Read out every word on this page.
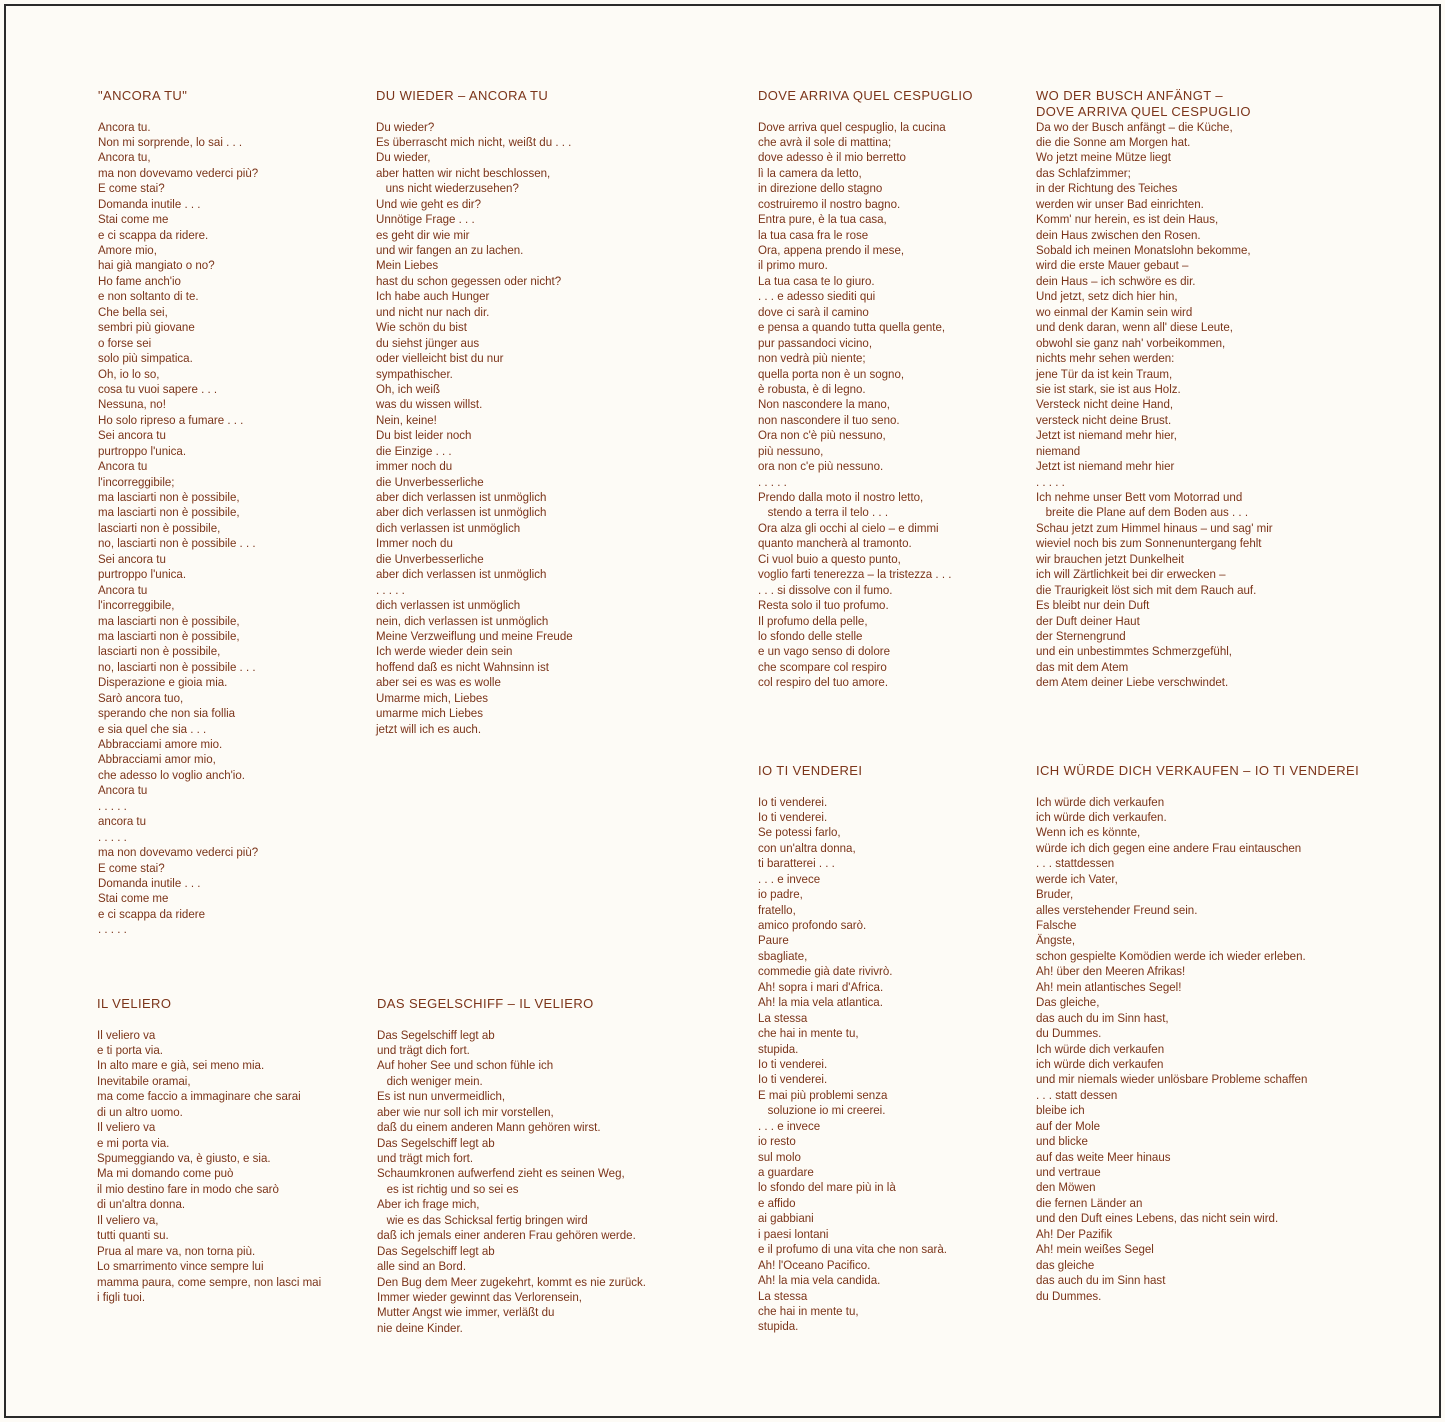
"ANCORA TU"
Ancora tu.
Non mi sorprende, lo sai . . .
Ancora tu,
ma non dovevamo vederci più?
E come stai?
Domanda inutile . . .
Stai come me
e ci scappa da ridere.
Amore mio,
hai già mangiato o no?
Ho fame anch'io
e non soltanto di te.
Che bella sei,
sembri più giovane
o forse sei
solo più simpatica.
Oh, io lo so,
cosa tu vuoi sapere . . .
Nessuna, no!
Ho solo ripreso a fumare . . .
Sei ancora tu
purtroppo l'unica.
Ancora tu
l'incorreggibile;
ma lasciarti non è possibile,
ma lasciarti non è possibile,
lasciarti non è possibile,
no, lasciarti non è possibile . . .
Sei ancora tu
purtroppo l'unica.
Ancora tu
l'incorreggibile,
ma lasciarti non è possibile,
ma lasciarti non è possibile,
lasciarti non è possibile,
no, lasciarti non è possibile . . .
Disperazione e gioia mia.
Sarò ancora tuo,
sperando che non sia follia
e sia quel che sia . . .
Abbracciami amore mio.
Abbracciami amor mio,
che adesso lo voglio anch'io.
Ancora tu
. . . . .
ancora tu
. . . . .
ma non dovevamo vederci più?
E come stai?
Domanda inutile . . .
Stai come me
e ci scappa da ridere
. . . . .
DU WIEDER – ANCORA TU
Du wieder?
Es überrascht mich nicht, weißt du . . .
Du wieder,
aber hatten wir nicht beschlossen,
uns nicht wiederzusehen?
Und wie geht es dir?
Unnötige Frage . . .
es geht dir wie mir
und wir fangen an zu lachen.
Mein Liebes
hast du schon gegessen oder nicht?
Ich habe auch Hunger
und nicht nur nach dir.
Wie schön du bist
du siehst jünger aus
oder vielleicht bist du nur
sympathischer.
Oh, ich weiß
was du wissen willst.
Nein, keine!
Du bist leider noch
die Einzige . . .
immer noch du
die Unverbesserliche
aber dich verlassen ist unmöglich
aber dich verlassen ist unmöglich
dich verlassen ist unmöglich
Immer noch du
die Unverbesserliche
aber dich verlassen ist unmöglich
. . . . .
dich verlassen ist unmöglich
nein, dich verlassen ist unmöglich
Meine Verzweiflung und meine Freude
Ich werde wieder dein sein
hoffend daß es nicht Wahnsinn ist
aber sei es was es wolle
Umarme mich, Liebes
umarme mich Liebes
jetzt will ich es auch.
DOVE ARRIVA QUEL CESPUGLIO
Dove arriva quel cespuglio, la cucina
che avrà il sole di mattina;
dove adesso è il mio berretto
lì la camera da letto,
in direzione dello stagno
costruiremo il nostro bagno.
Entra pure, è la tua casa,
la tua casa fra le rose
Ora, appena prendo il mese,
il primo muro.
La tua casa te lo giuro.
. . . e adesso siediti qui
dove ci sarà il camino
e pensa a quando tutta quella gente,
pur passandoci vicino,
non vedrà più niente;
quella porta non è un sogno,
è robusta, è di legno.
Non nascondere la mano,
non nascondere il tuo seno.
Ora non c'è più nessuno,
più nessuno,
ora non c'e più nessuno.
. . . . .
Prendo dalla moto il nostro letto,
stendo a terra il telo . . .
Ora alza gli occhi al cielo – e dimmi
quanto mancherà al tramonto.
Ci vuol buio a questo punto,
voglio farti tenerezza – la tristezza . . .
. . . si dissolve con il fumo.
Resta solo il tuo profumo.
Il profumo della pelle,
lo sfondo delle stelle
e un vago senso di dolore
che scompare col respiro
col respiro del tuo amore.
WO DER BUSCH ANFÄNGT –
DOVE ARRIVA QUEL CESPUGLIO
Da wo der Busch anfängt – die Küche,
die die Sonne am Morgen hat.
Wo jetzt meine Mütze liegt
das Schlafzimmer;
in der Richtung des Teiches
werden wir unser Bad einrichten.
Komm' nur herein, es ist dein Haus,
dein Haus zwischen den Rosen.
Sobald ich meinen Monatslohn bekomme,
wird die erste Mauer gebaut –
dein Haus – ich schwöre es dir.
Und jetzt, setz dich hier hin,
wo einmal der Kamin sein wird
und denk daran, wenn all' diese Leute,
obwohl sie ganz nah' vorbeikommen,
nichts mehr sehen werden:
jene Tür da ist kein Traum,
sie ist stark, sie ist aus Holz.
Versteck nicht deine Hand,
versteck nicht deine Brust.
Jetzt ist niemand mehr hier,
niemand
Jetzt ist niemand mehr hier
. . . . .
Ich nehme unser Bett vom Motorrad und
breite die Plane auf dem Boden aus . . .
Schau jetzt zum Himmel hinaus – und sag' mir
wieviel noch bis zum Sonnenuntergang fehlt
wir brauchen jetzt Dunkelheit
ich will Zärtlichkeit bei dir erwecken –
die Traurigkeit löst sich mit dem Rauch auf.
Es bleibt nur dein Duft
der Duft deiner Haut
der Sternengrund
und ein unbestimmtes Schmerzgefühl,
das mit dem Atem
dem Atem deiner Liebe verschwindet.
IO TI VENDEREI
Io ti venderei.
Io ti venderei.
Se potessi farlo,
con un'altra donna,
ti baratterei . . .
. . . e invece
io padre,
fratello,
amico profondo sarò.
Paure
sbagliate,
commedie già date rivivrò.
Ah! sopra i mari d'Africa.
Ah! la mia vela atlantica.
La stessa
che hai in mente tu,
stupida.
Io ti venderei.
Io ti venderei.
E mai più problemi senza
soluzione io mi creerei.
. . . e invece
io resto
sul molo
a guardare
lo sfondo del mare più in là
e affido
ai gabbiani
i paesi lontani
e il profumo di una vita che non sarà.
Ah! l'Oceano Pacifico.
Ah! la mia vela candida.
La stessa
che hai in mente tu,
stupida.
ICH WÜRDE DICH VERKAUFEN – IO TI VENDEREI
Ich würde dich verkaufen
ich würde dich verkaufen.
Wenn ich es könnte,
würde ich dich gegen eine andere Frau eintauschen
. . . stattdessen
werde ich Vater,
Bruder,
alles verstehender Freund sein.
Falsche
Ängste,
schon gespielte Komödien werde ich wieder erleben.
Ah! über den Meeren Afrikas!
Ah! mein atlantisches Segel!
Das gleiche,
das auch du im Sinn hast,
du Dummes.
Ich würde dich verkaufen
ich würde dich verkaufen
und mir niemals wieder unlösbare Probleme schaffen
. . . statt dessen
bleibe ich
auf der Mole
und blicke
auf das weite Meer hinaus
und vertraue
den Möwen
die fernen Länder an
und den Duft eines Lebens, das nicht sein wird.
Ah! Der Pazifik
Ah! mein weißes Segel
das gleiche
das auch du im Sinn hast
du Dummes.
IL VELIERO
Il veliero va
e ti porta via.
In alto mare e già, sei meno mia.
Inevitabile oramai,
ma come faccio a immaginare che sarai
di un altro uomo.
Il veliero va
e mi porta via.
Spumeggiando va, è giusto, e sia.
Ma mi domando come può
il mio destino fare in modo che sarò
di un'altra donna.
Il veliero va,
tutti quanti su.
Prua al mare va, non torna più.
Lo smarrimento vince sempre lui
mamma paura, come sempre, non lasci mai
i figli tuoi.
DAS SEGELSCHIFF – IL VELIERO
Das Segelschiff legt ab
und trägt dich fort.
Auf hoher See und schon fühle ich
dich weniger mein.
Es ist nun unvermeidlich,
aber wie nur soll ich mir vorstellen,
daß du einem anderen Mann gehören wirst.
Das Segelschiff legt ab
und trägt mich fort.
Schaumkronen aufwerfend zieht es seinen Weg,
es ist richtig und so sei es
Aber ich frage mich,
wie es das Schicksal fertig bringen wird
daß ich jemals einer anderen Frau gehören werde.
Das Segelschiff legt ab
alle sind an Bord.
Den Bug dem Meer zugekehrt, kommt es nie zurück.
Immer wieder gewinnt das Verlorensein,
Mutter Angst wie immer, verläßt du
nie deine Kinder.
